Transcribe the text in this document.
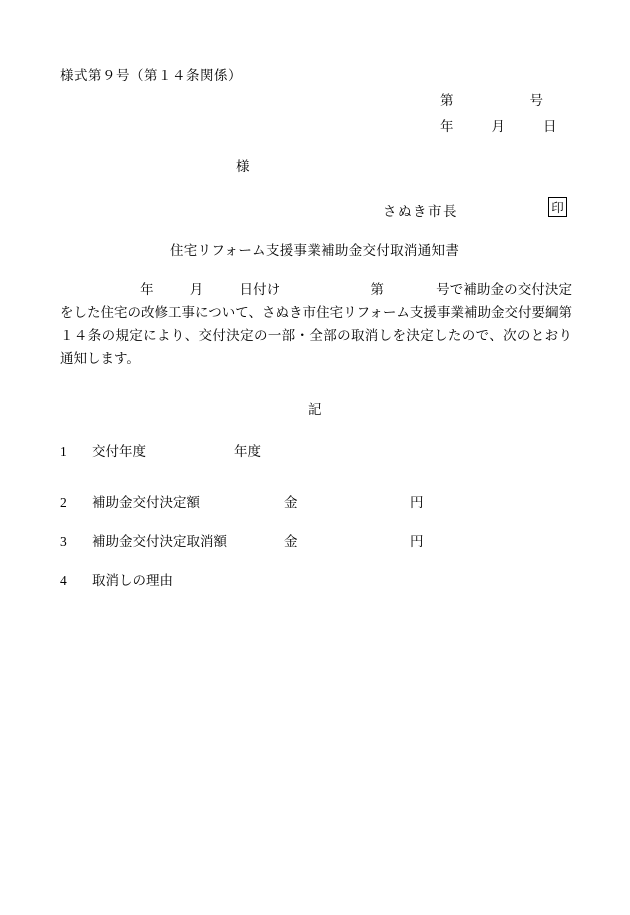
様式第９号（第１４条関係）
第	号
年	月	日
様
さぬき市長	印
住宅リフォーム支援事業補助金交付取消通知書
年	月	日付け	第	号で補助金の交付決定をした住宅の改修工事について、さぬき市住宅リフォーム支援事業補助金交付要綱第１４条の規定により、交付決定の一部・全部の取消しを決定したので、次のとおり通知します。
記
1 交付年度	年度
2 補助金交付決定額	金	円
3 補助金交付決定取消額	金	円
4 取消しの理由
